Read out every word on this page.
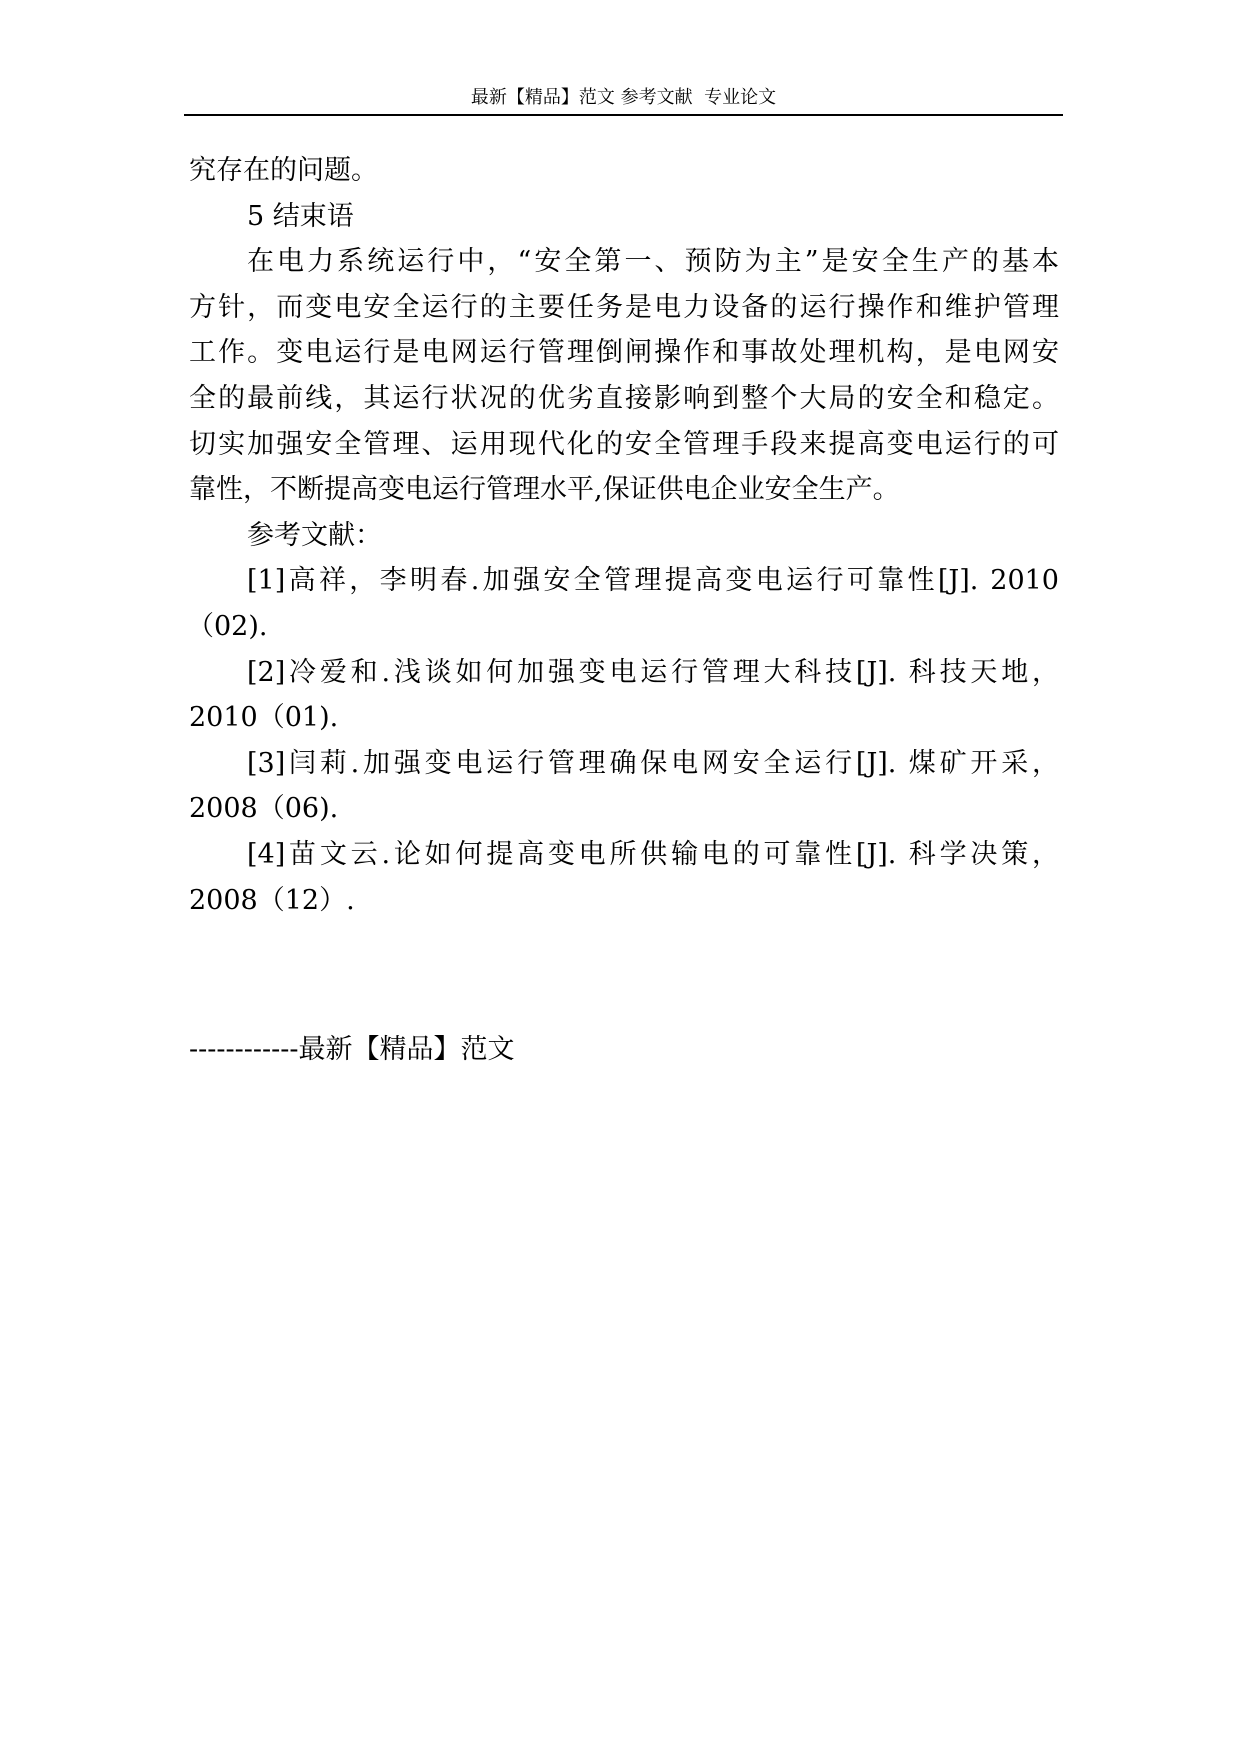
最新【精品】范文 参考文献  专业论文
究存在的问题。
5 结束语
在电力系统运行中，“安全第一、预防为主”是安全生产的基本
方针，而变电安全运行的主要任务是电力设备的运行操作和维护管理
工作。变电运行是电网运行管理倒闸操作和事故处理机构，是电网安
全的最前线，其运行状况的优劣直接影响到整个大局的安全和稳定。
切实加强安全管理、运用现代化的安全管理手段来提高变电运行的可
靠性，不断提高变电运行管理水平,保证供电企业安全生产。
参考文献：
[1]高祥，李明春.加强安全管理提高变电运行可靠性[J]. 2010
（02).
[2]冷爱和.浅谈如何加强变电运行管理大科技[J]. 科技天地，
2010（01).
[3]闫莉.加强变电运行管理确保电网安全运行[J]. 煤矿开采，
2008（06).
[4]苗文云.论如何提高变电所供输电的可靠性[J]. 科学决策，
2008（12）.
------------最新【精品】范文
